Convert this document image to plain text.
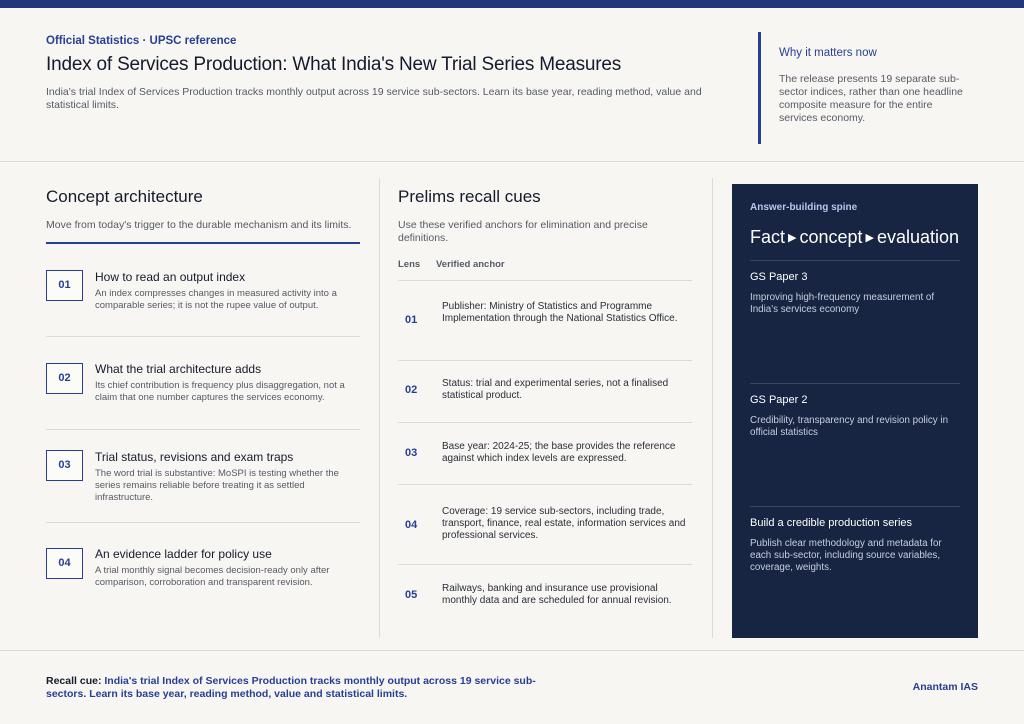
Official Statistics · UPSC reference
Index of Services Production: What India's New Trial Series Measures
India's trial Index of Services Production tracks monthly output across 19 service sub-sectors. Learn its base year, reading method, value and statistical limits.
Why it matters now
The release presents 19 separate sub-sector indices, rather than one headline composite measure for the entire services economy.
Concept architecture
Move from today's trigger to the durable mechanism and its limits.
01
How to read an output index
An index compresses changes in measured activity into a comparable series; it is not the rupee value of output.
02
What the trial architecture adds
Its chief contribution is frequency plus disaggregation, not a claim that one number captures the services economy.
03
Trial status, revisions and exam traps
The word trial is substantive: MoSPI is testing whether the series remains reliable before treating it as settled infrastructure.
04
An evidence ladder for policy use
A trial monthly signal becomes decision-ready only after comparison, corroboration and transparent revision.
Prelims recall cues
Use these verified anchors for elimination and precise definitions.
Lens Verified anchor
01
Publisher: Ministry of Statistics and Programme Implementation through the National Statistics Office.
02
Status: trial and experimental series, not a finalised statistical product.
03
Base year: 2024-25; the base provides the reference against which index levels are expressed.
04
Coverage: 19 service sub-sectors, including trade, transport, finance, real estate, information services and professional services.
05
Railways, banking and insurance use provisional monthly data and are scheduled for annual revision.
Answer-building spine
Fact ▶ concept ▶ evaluation
GS Paper 3
Improving high-frequency measurement of India's services economy
GS Paper 2
Credibility, transparency and revision policy in official statistics
Build a credible production series
Publish clear methodology and metadata for each sub-sector, including source variables, coverage, weights.
Recall cue: India's trial Index of Services Production tracks monthly output across 19 service sub-sectors. Learn its base year, reading method, value and statistical limits.
Anantam IAS
